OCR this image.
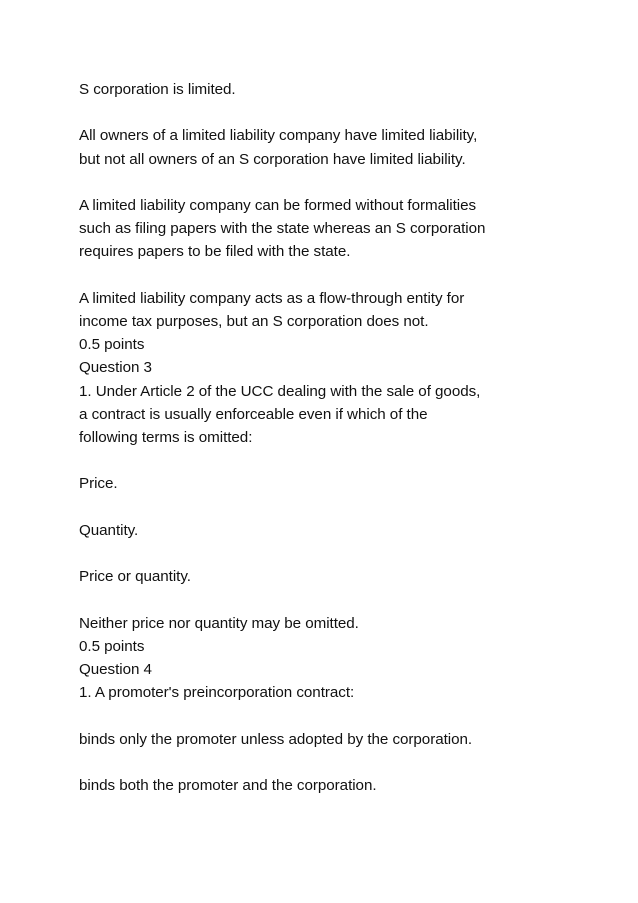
S corporation is limited.
All owners of a limited liability company have limited liability,
but not all owners of an S corporation have limited liability.
A limited liability company can be formed without formalities
such as filing papers with the state whereas an S corporation
requires papers to be filed with the state.
A limited liability company acts as a flow-through entity for
income tax purposes, but an S corporation does not.
0.5 points
Question 3
1. Under Article 2 of the UCC dealing with the sale of goods,
a contract is usually enforceable even if which of the
following terms is omitted:
Price.
Quantity.
Price or quantity.
Neither price nor quantity may be omitted.
0.5 points
Question 4
1. A promoter's preincorporation contract:
binds only the promoter unless adopted by the corporation.
binds both the promoter and the corporation.
